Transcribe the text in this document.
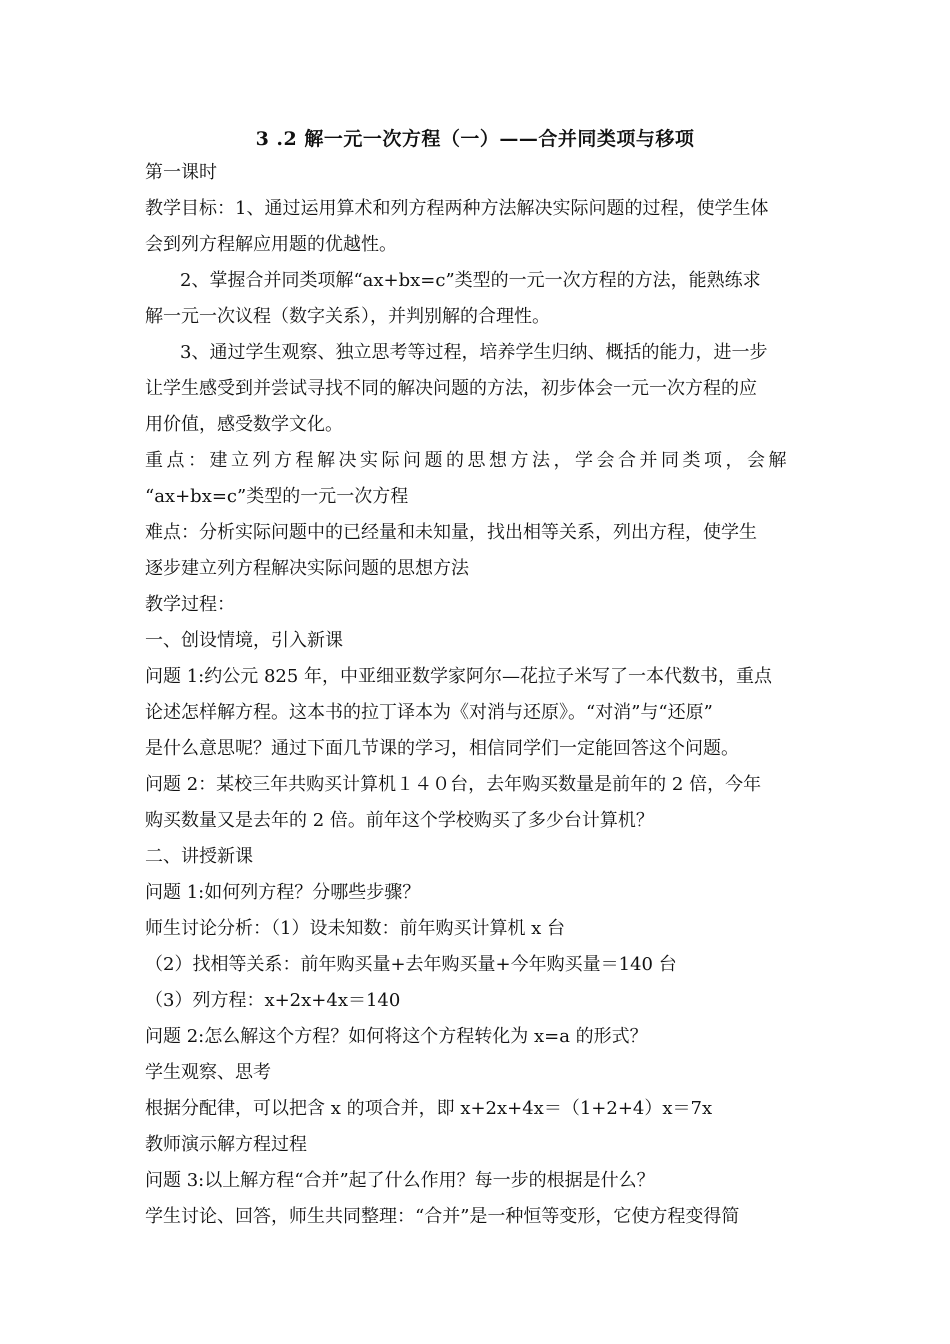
3 .2 解一元一次方程（一）——合并同类项与移项
第一课时
教学目标：1、通过运用算术和列方程两种方法解决实际问题的过程，使学生体
会到列方程解应用题的优越性。
2、掌握合并同类项解“ax+bx=c”类型的一元一次方程的方法，能熟练求
解一元一次议程（数字关系），并判别解的合理性。
3、通过学生观察、独立思考等过程，培养学生归纳、概括的能力，进一步
让学生感受到并尝试寻找不同的解决问题的方法，初步体会一元一次方程的应
用价值，感受数学文化。
重点：建立列方程解决实际问题的思想方法，学会合并同类项，会解
“ax+bx=c”类型的一元一次方程
难点：分析实际问题中的已经量和未知量，找出相等关系，列出方程，使学生
逐步建立列方程解决实际问题的思想方法
教学过程：
一、创设情境，引入新课
问题 1:约公元 825 年，中亚细亚数学家阿尔—花拉子米写了一本代数书，重点
论述怎样解方程。这本书的拉丁译本为《对消与还原》。“对消”与“还原”
是什么意思呢？通过下面几节课的学习，相信同学们一定能回答这个问题。
问题 2：某校三年共购买计算机１４０台，去年购买数量是前年的 2 倍，今年
购买数量又是去年的 2 倍。前年这个学校购买了多少台计算机？
二、讲授新课
问题 1:如何列方程？分哪些步骤？
师生讨论分析：（1）设未知数：前年购买计算机 x 台
（2）找相等关系：前年购买量+去年购买量+今年购买量＝140 台
（3）列方程：x+2x+4x＝140
问题 2:怎么解这个方程？如何将这个方程转化为 x=a 的形式？
学生观察、思考
根据分配律，可以把含 x 的项合并，即 x+2x+4x＝（1+2+4）x＝7x
教师演示解方程过程
问题 3:以上解方程“合并”起了什么作用？每一步的根据是什么？
学生讨论、回答，师生共同整理：“合并”是一种恒等变形，它使方程变得简
